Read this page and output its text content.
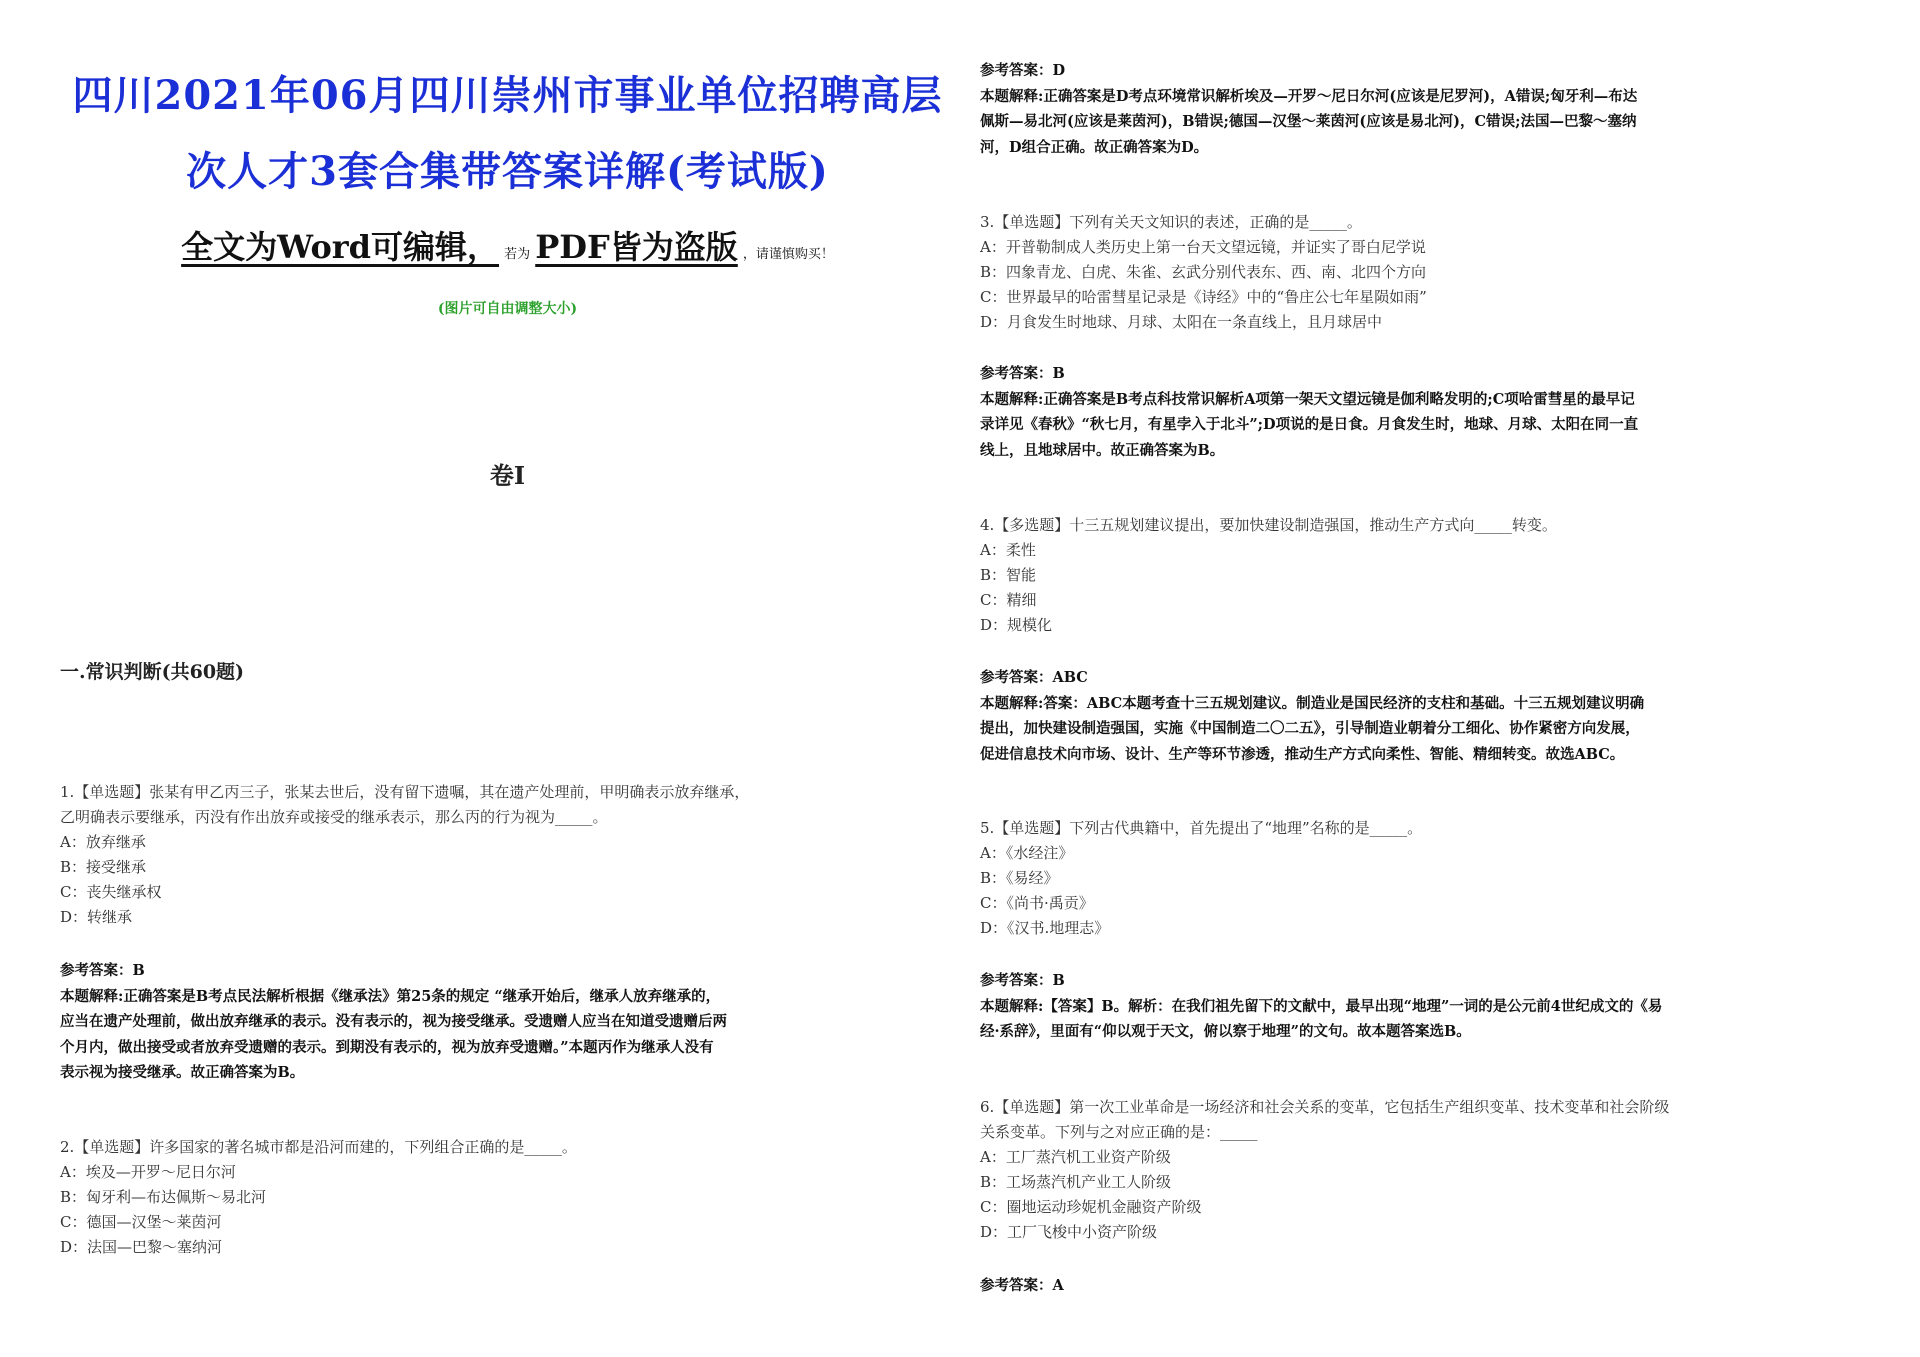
四川2021年06月四川崇州市事业单位招聘高层
次人才3套合集带答案详解(考试版)
全文为Word可编辑， 若为 PDF皆为盗版 ，请谨慎购买！
(图片可自由调整大小)
卷I
一.常识判断(共60题)

1.【单选题】张某有甲乙丙三子，张某去世后，没有留下遗嘱，其在遗产处理前，甲明确表示放弃继承，

乙明确表示要继承，丙没有作出放弃或接受的继承表示，那么丙的行为视为_____。

A：放弃继承

B：接受继承

C：丧失继承权

D：转继承

参考答案：B

本题解释:正确答案是B考点民法解析根据《继承法》第25条的规定 “继承开始后，继承人放弃继承的，

应当在遗产处理前，做出放弃继承的表示。没有表示的，视为接受继承。受遗赠人应当在知道受遗赠后两

个月内，做出接受或者放弃受遗赠的表示。到期没有表示的，视为放弃受遗赠。”本题丙作为继承人没有

表示视为接受继承。故正确答案为B。

2.【单选题】许多国家的著名城市都是沿河而建的，下列组合正确的是_____。

A：埃及—开罗～尼日尔河

B：匈牙利—布达佩斯～易北河

C：德国—汉堡～莱茵河

D：法国—巴黎～塞纳河

参考答案：D

本题解释:正确答案是D考点环境常识解析埃及—开罗～尼日尔河(应该是尼罗河)，A错误;匈牙利—布达

佩斯—易北河(应该是莱茵河)，B错误;德国—汉堡～莱茵河(应该是易北河)，C错误;法国—巴黎～塞纳

河，D组合正确。故正确答案为D。

3.【单选题】下列有关天文知识的表述，正确的是_____。

A：开普勒制成人类历史上第一台天文望远镜，并证实了哥白尼学说

B：四象青龙、白虎、朱雀、玄武分别代表东、西、南、北四个方向

C：世界最早的哈雷彗星记录是《诗经》中的“鲁庄公七年星陨如雨”

D：月食发生时地球、月球、太阳在一条直线上，且月球居中

参考答案：B

本题解释:正确答案是B考点科技常识解析A项第一架天文望远镜是伽利略发明的;C项哈雷彗星的最早记

录详见《春秋》“秋七月，有星孛入于北斗”;D项说的是日食。月食发生时，地球、月球、太阳在同一直

线上，且地球居中。故正确答案为B。

4.【多选题】十三五规划建议提出，要加快建设制造强国，推动生产方式向_____转变。

A：柔性

B：智能

C：精细

D：规模化

参考答案：ABC

本题解释:答案：ABC本题考查十三五规划建议。制造业是国民经济的支柱和基础。十三五规划建议明确

提出，加快建设制造强国，实施《中国制造二〇二五》，引导制造业朝着分工细化、协作紧密方向发展，

促进信息技术向市场、设计、生产等环节渗透，推动生产方式向柔性、智能、精细转变。故选ABC。

5.【单选题】下列古代典籍中，首先提出了“地理”名称的是_____。

A：《水经注》

B：《易经》

C：《尚书·禹贡》

D：《汉书.地理志》

参考答案：B

本题解释:【答案】B。解析：在我们祖先留下的文献中，最早出现“地理”一词的是公元前4世纪成文的《易

经·系辞》，里面有“仰以观于天文，俯以察于地理”的文句。故本题答案选B。

6.【单选题】第一次工业革命是一场经济和社会关系的变革，它包括生产组织变革、技术变革和社会阶级

关系变革。下列与之对应正确的是：_____

A：工厂蒸汽机工业资产阶级

B：工场蒸汽机产业工人阶级

C：圈地运动珍妮机金融资产阶级

D：工厂飞梭中小资产阶级

参考答案：A
